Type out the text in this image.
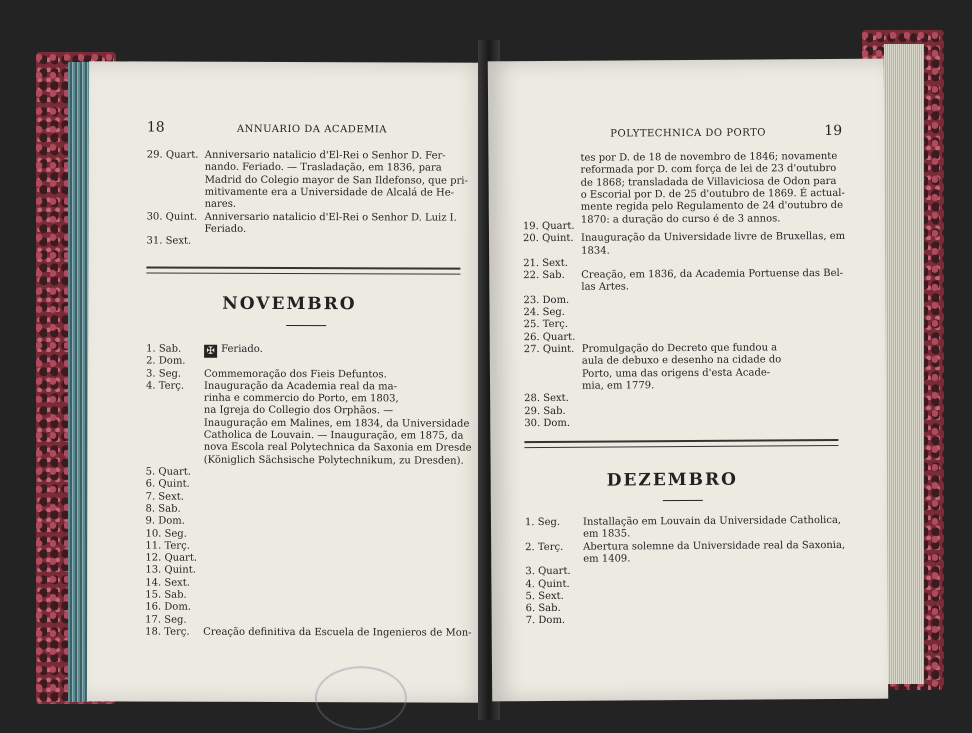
18	ANNUARIO DA ACADEMIA
29. Quart. Anniversario natalicio d'El-Rei o Senhor D. Fer-
nando. Feriado. — Trasladação, em 1836, para
Madrid do Colegio mayor de San Ildefonso, que pri-
mitivamente era a Universidade de Alcalá de He-
nares.
30. Quint. Anniversario natalicio d'El-Rei o Senhor D. Luiz I.
Feriado.
31. Sext.
NOVEMBRO
1. Sab.	✠ Feriado.
2. Dom.
3. Seg. Commemoração dos Fieis Defuntos.
4. Terç. Inauguração da Academia real da ma-
rinha e commercio do Porto, em 1803,
na Igreja do Collegio dos Orphãos. —
Inauguração em Malines, em 1834, da Universidade
Catholica de Louvain. — Inauguração, em 1875, da
nova Escola real Polytechnica da Saxonia em Dresde
(Königlich Sächsische Polytechnikum, zu Dresden).
5. Quart.
6. Quint.
7. Sext.
8. Sab.
9. Dom.
10. Seg.
11. Terç.
12. Quart.
13. Quint.
14. Sext.
15. Sab.
16. Dom.
17. Seg.
18. Terç. Creação definitiva da Escuela de Ingenieros de Mon-
POLYTECHNICA DO PORTO	19
tes por D. de 18 de novembro de 1846; novamente
reformada por D. com força de lei de 23 d'outubro
de 1868; transladada de Villaviciosa de Odon para
o Escorial por D. de 25 d'outubro de 1869. É actual-
mente regida pelo Regulamento de 24 d'outubro de
1870: a duração do curso é de 3 annos.
19. Quart.
20. Quint. Inauguração da Universidade livre de Bruxellas, em
1834.
21. Sext.
22. Sab. Creação, em 1836, da Academia Portuense das Bel-
las Artes.
23. Dom.
24. Seg.
25. Terç.
26. Quart.
27. Quint. Promulgação do Decreto que fundou a
aula de debuxo e desenho na cidade do
Porto, uma das origens d'esta Acade-
mia, em 1779.
28. Sext.
29. Sab.
30. Dom.
DEZEMBRO
1. Seg. Installação em Louvain da Universidade Catholica,
em 1835.
2. Terç. Abertura solemne da Universidade real da Saxonia,
em 1409.
3. Quart.
4. Quint.
5. Sext.
6. Sab.
7. Dom.
